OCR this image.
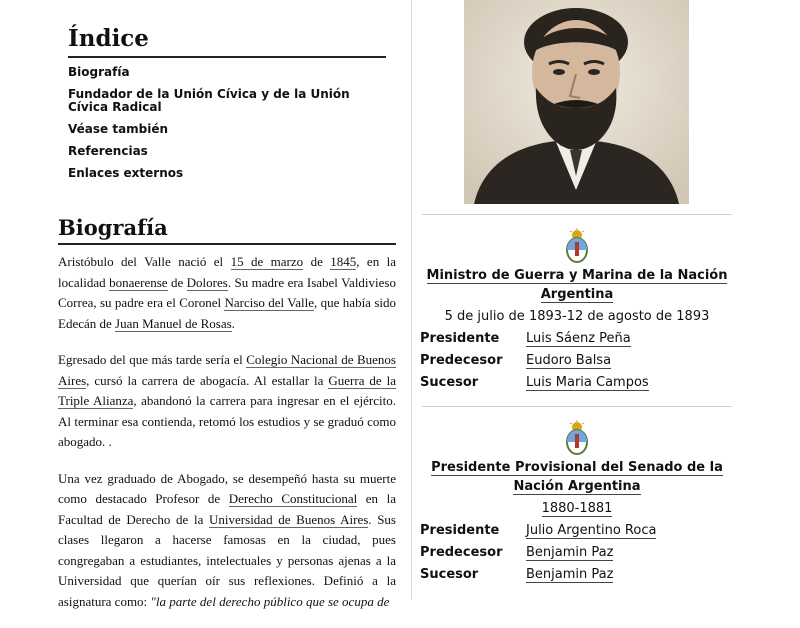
Índice
Biografía
Fundador de la Unión Cívica y de la Unión Cívica Radical
Véase también
Referencias
Enlaces externos
Biografía

Aristóbulo del Valle nació el 15 de marzo de 1845, en la localidad bonaerense de Dolores. Su madre era Isabel Valdivieso Correa, su padre era el Coronel Narciso del Valle, que había sido Edecán de Juan Manuel de Rosas.

Egresado del que más tarde sería el Colegio Nacional de Buenos Aires, cursó la carrera de abogacía. Al estallar la Guerra de la Triple Alianza, abandonó la carrera para ingresar en el ejército. Al terminar esa contienda, retomó los estudios y se graduó como abogado. .

Una vez graduado de Abogado, se desempeñó hasta su muerte como destacado Profesor de Derecho Constitucional en la Facultad de Derecho de la Universidad de Buenos Aires. Sus clases llegaron a hacerse famosas en la ciudad, pues congregaban a estudiantes, intelectuales y personas ajenas a la Universidad que querían oír sus reflexiones. Definió a la asignatura como: "la parte del derecho público que se ocupa de

Ministro de Guerra y Marina de la Nación Argentina
5 de julio de 1893-12 de agosto de 1893
Presidente	Luis Sáenz Peña
Predecesor	Eudoro Balsa
Sucesor	Luis Maria Campos
Presidente Provisional del Senado de la Nación Argentina
1880-1881
Presidente	Julio Argentino Roca
Predecesor	Benjamin Paz
Sucesor	Benjamin Paz
